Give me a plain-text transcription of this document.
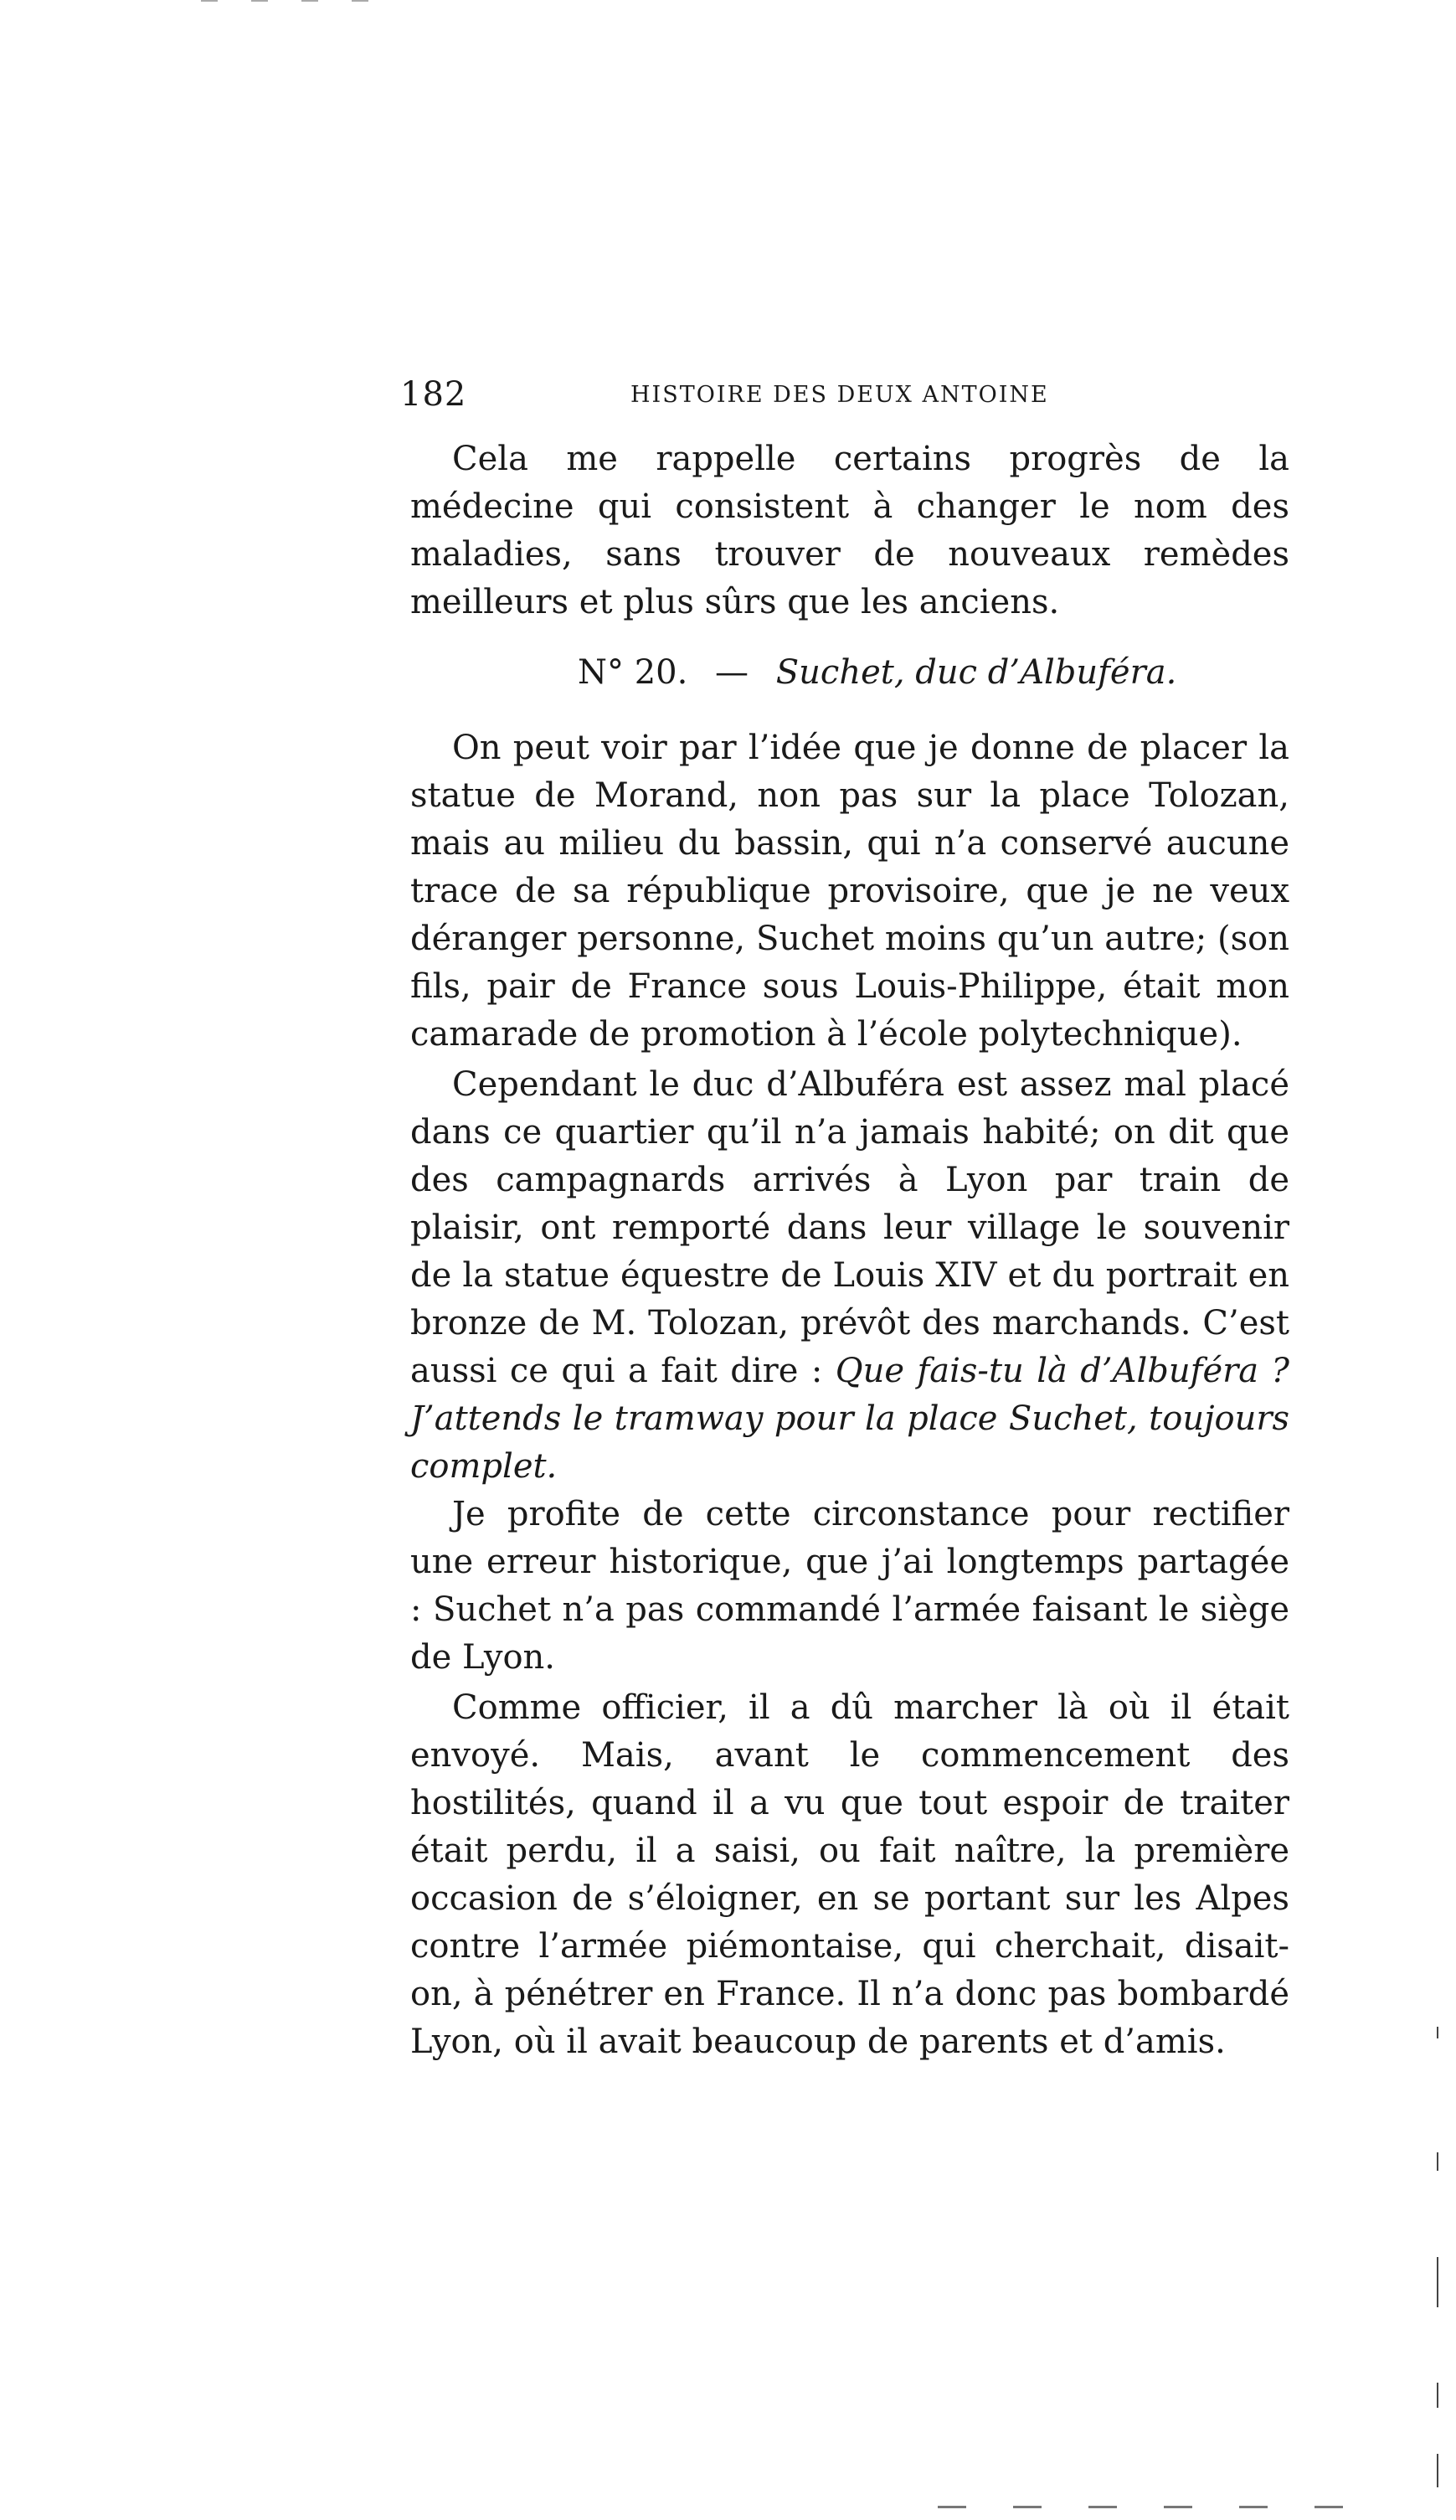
182	HISTOIRE DES DEUX ANTOINE

Cela me rappelle certains progrès de la médecine qui consistent à changer le nom des maladies, sans trouver de nouveaux remèdes meilleurs et plus sûrs que les anciens.

N° 20. — Suchet, duc d’Albuféra.

On peut voir par l’idée que je donne de placer la statue de Morand, non pas sur la place Tolozan, mais au milieu du bassin, qui n’a conservé aucune trace de sa république provisoire, que je ne veux déranger personne, Suchet moins qu’un autre; (son fils, pair de France sous Louis-Philippe, était mon camarade de promotion à l’école polytechnique).

Cependant le duc d’Albuféra est assez mal placé dans ce quartier qu’il n’a jamais habité; on dit que des campagnards arrivés à Lyon par train de plaisir, ont remporté dans leur village le souvenir de la statue équestre de Louis XIV et du portrait en bronze de M. Tolozan, prévôt des marchands. C’est aussi ce qui a fait dire : Que fais-tu là d’Albuféra ? J’attends le tramway pour la place Suchet, toujours complet.

Je profite de cette circonstance pour rectifier une erreur historique, que j’ai longtemps partagée : Suchet n’a pas commandé l’armée faisant le siège de Lyon.

Comme officier, il a dû marcher là où il était envoyé. Mais, avant le commencement des hostilités, quand il a vu que tout espoir de traiter était perdu, il a saisi, ou fait naître, la première occasion de s’éloigner, en se portant sur les Alpes contre l’armée piémontaise, qui cherchait, disait-on, à pénétrer en France. Il n’a donc pas bombardé Lyon, où il avait beaucoup de parents et d’amis.
